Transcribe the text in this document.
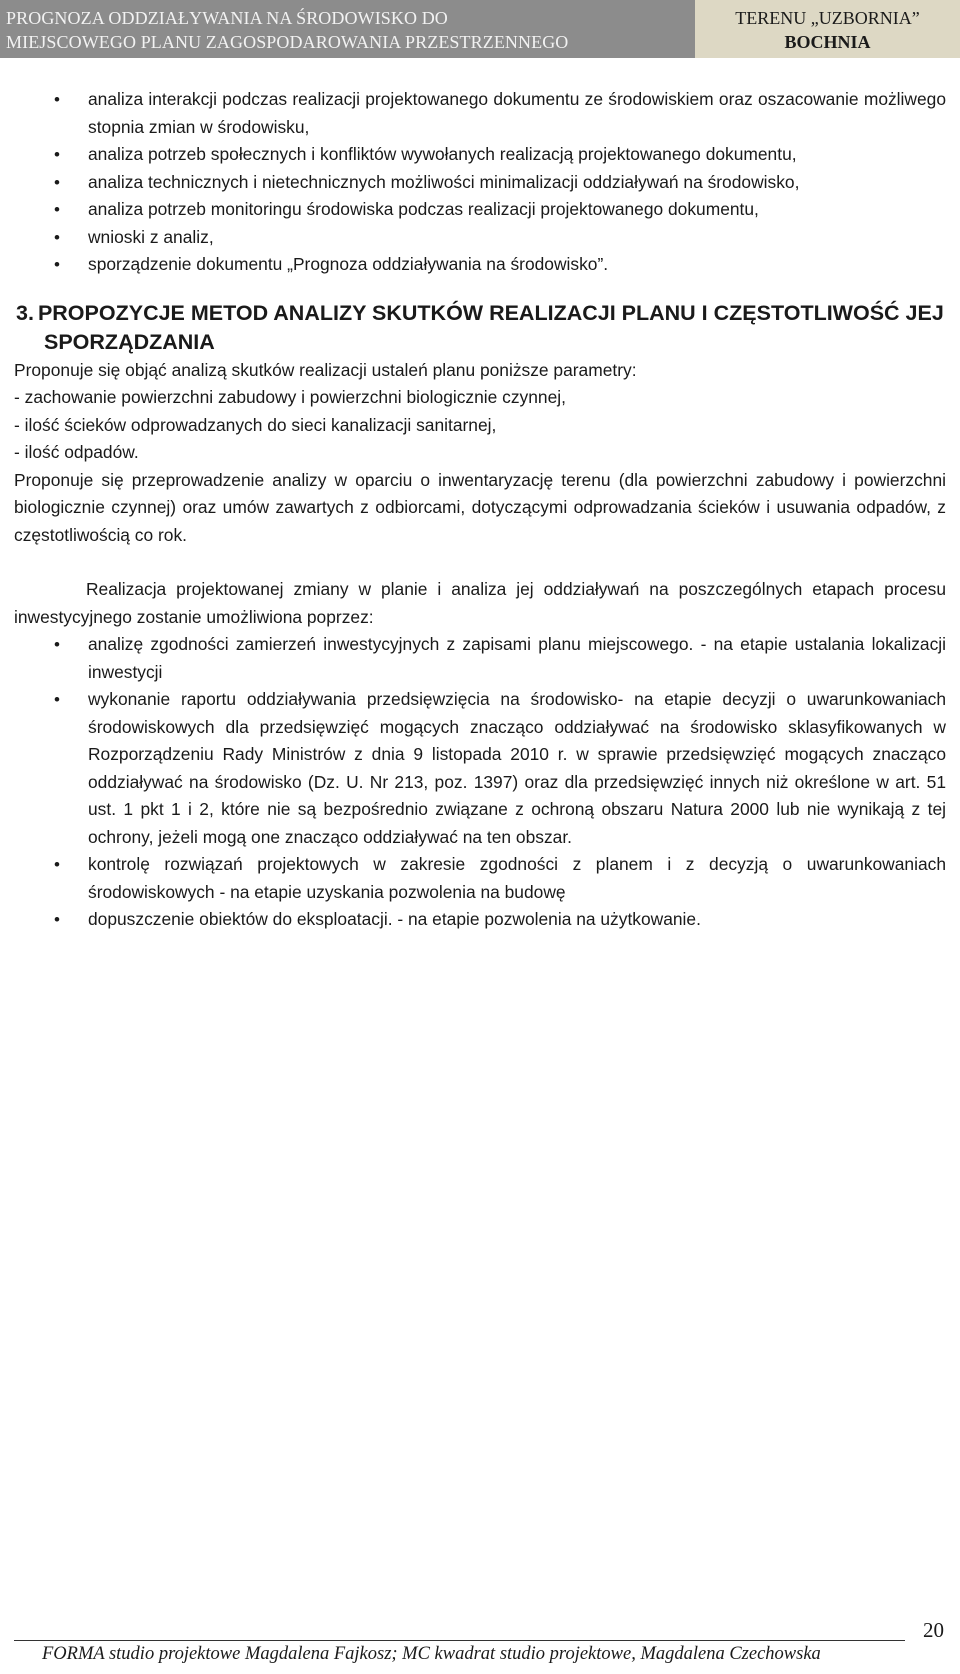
PROGNOZA ODDZIAŁYWANIA NA ŚRODOWISKO DO
MIEJSCOWEGO PLANU ZAGOSPODAROWANIA PRZESTRZENNEGO
TERENU „UZBORNIA”
BOCHNIA
• analiza interakcji podczas realizacji projektowanego dokumentu ze środowiskiem oraz oszacowanie możliwego stopnia zmian w środowisku,
• analiza potrzeb społecznych i konfliktów wywołanych realizacją projektowanego dokumentu,
• analiza technicznych i nietechnicznych możliwości minimalizacji oddziaływań na środowisko,
• analiza potrzeb monitoringu środowiska podczas realizacji projektowanego dokumentu,
• wnioski z analiz,
• sporządzenie dokumentu „Prognoza oddziaływania na środowisko”.
3. PROPOZYCJE METOD ANALIZY SKUTKÓW REALIZACJI PLANU I CZĘSTOTLIWOŚĆ JEJ
SPORZĄDZANIA

Proponuje się objąć analizą skutków realizacji ustaleń planu poniższe parametry:

- zachowanie powierzchni zabudowy i powierzchni biologicznie czynnej,

- ilość ścieków odprowadzanych do sieci kanalizacji sanitarnej,

- ilość odpadów.

Proponuje się przeprowadzenie analizy w oparciu o inwentaryzację terenu (dla powierzchni zabudowy i powierzchni biologicznie czynnej) oraz umów zawartych z odbiorcami, dotyczącymi odprowadzania ścieków i usuwania odpadów, z częstotliwością co rok.

Realizacja projektowanej zmiany w planie i analiza jej oddziaływań na poszczególnych etapach procesu inwestycyjnego zostanie umożliwiona poprzez:

• analizę zgodności zamierzeń inwestycyjnych z zapisami planu miejscowego. - na etapie ustalania lokalizacji inwestycji
• wykonanie raportu oddziaływania przedsięwzięcia na środowisko- na etapie decyzji o uwarunkowaniach środowiskowych dla przedsięwzięć mogących znacząco oddziaływać na środowisko sklasyfikowanych w Rozporządzeniu Rady Ministrów z dnia 9 listopada 2010 r. w sprawie przedsięwzięć mogących znacząco oddziaływać na środowisko (Dz. U. Nr 213, poz. 1397) oraz dla przedsięwzięć innych niż określone w art. 51 ust. 1 pkt 1 i 2, które nie są bezpośrednio związane z ochroną obszaru Natura 2000 lub nie wynikają z tej ochrony, jeżeli mogą one znacząco oddziaływać na ten obszar.
• kontrolę rozwiązań projektowych w zakresie zgodności z planem i z decyzją o uwarunkowaniach środowiskowych - na etapie uzyskania pozwolenia na budowę
• dopuszczenie obiektów do eksploatacji. - na etapie pozwolenia na użytkowanie.
20
FORMA studio projektowe Magdalena Fajkosz; MC kwadrat studio projektowe, Magdalena Czechowska
